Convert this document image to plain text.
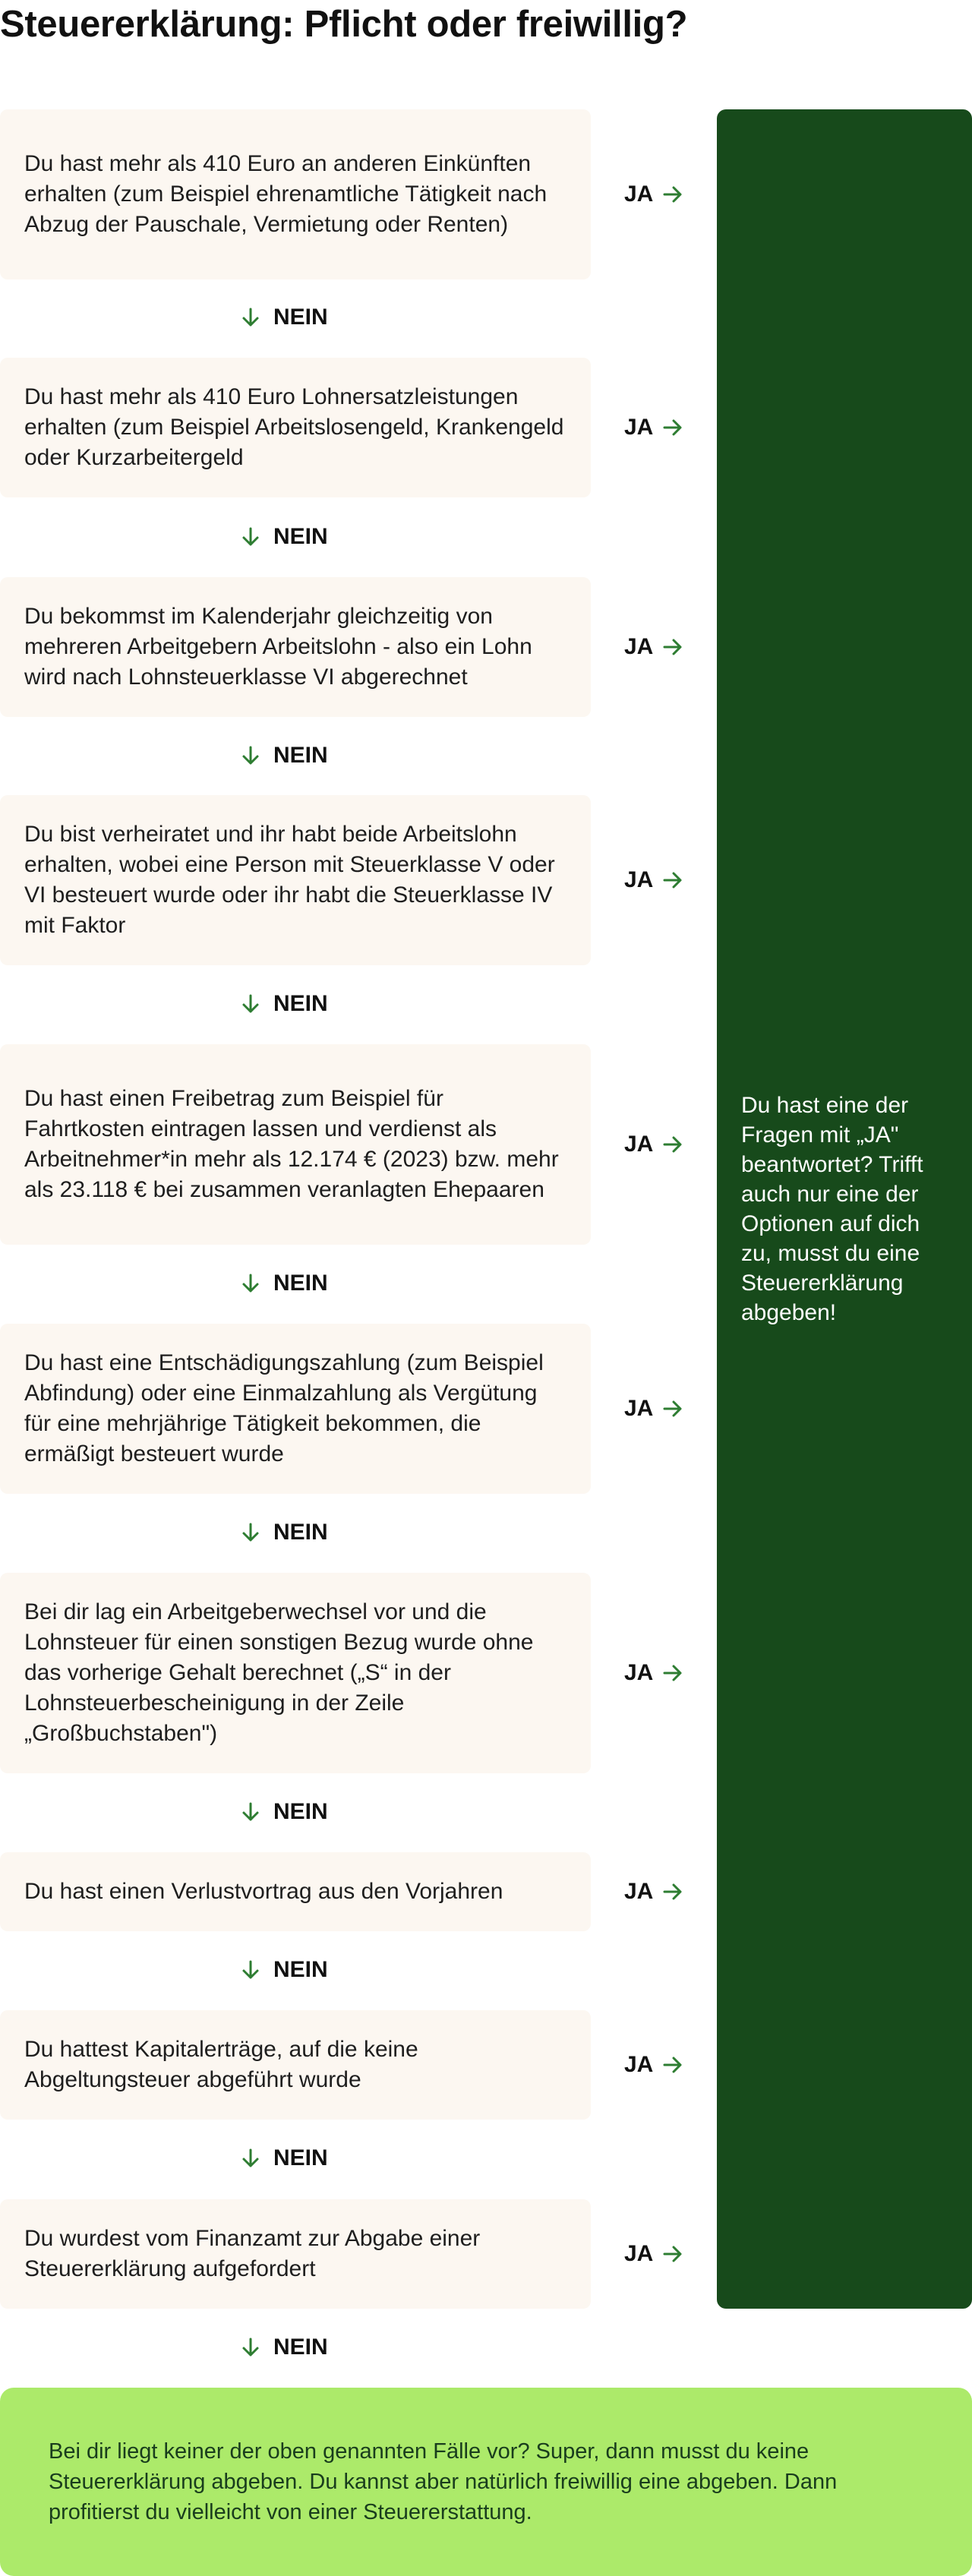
Steuererklärung: Pflicht oder freiwillig?
Du hast mehr als 410 Euro an anderen Einkünften erhalten (zum Beispiel ehrenamtliche Tätigkeit nach Abzug der Pauschale, Vermietung oder Renten)
JA
NEIN
Du hast mehr als 410 Euro Lohnersatzleistungen erhalten (zum Beispiel Arbeitslosengeld, Krankengeld oder Kurzarbeitergeld
JA
NEIN
Du bekommst im Kalenderjahr gleichzeitig von mehreren Arbeitgebern Arbeitslohn - also ein Lohn wird nach Lohnsteuerklasse VI abgerechnet
JA
NEIN
Du bist verheiratet und ihr habt beide Arbeitslohn erhalten, wobei eine Person mit Steuerklasse V oder VI besteuert wurde oder ihr habt die Steuerklasse IV mit Faktor
JA
NEIN
Du hast einen Freibetrag zum Beispiel für Fahrtkosten eintragen lassen und verdienst als Arbeitnehmer*in mehr als 12.174 € (2023) bzw. mehr als 23.118 € bei zusammen veranlagten Ehepaaren
JA
NEIN
Du hast eine Entschädigungszahlung (zum Beispiel Abfindung) oder eine Einmalzahlung als Vergütung für eine mehrjährige Tätigkeit bekommen, die ermäßigt besteuert wurde
JA
NEIN
Bei dir lag ein Arbeitgeberwechsel vor und die Lohnsteuer für einen sonstigen Bezug wurde ohne das vorherige Gehalt berechnet („S“ in der Lohnsteuerbescheinigung in der Zeile „Großbuchstaben")
JA
NEIN
Du hast einen Verlustvortrag aus den Vorjahren	JA
NEIN
Du hattest Kapitalerträge, auf die keine Abgeltungsteuer abgeführt wurde
JA
NEIN
Du wurdest vom Finanzamt zur Abgabe einer Steuererklärung aufgefordert
JA
NEIN
Du hast eine der Fragen mit „JA" beantwortet? Trifft auch nur eine der Optionen auf dich zu, musst du eine Steuererklärung abgeben!
Bei dir liegt keiner der oben genannten Fälle vor? Super, dann musst du keine Steuererklärung abgeben. Du kannst aber natürlich freiwillig eine abgeben. Dann profitierst du vielleicht von einer Steuererstattung.
